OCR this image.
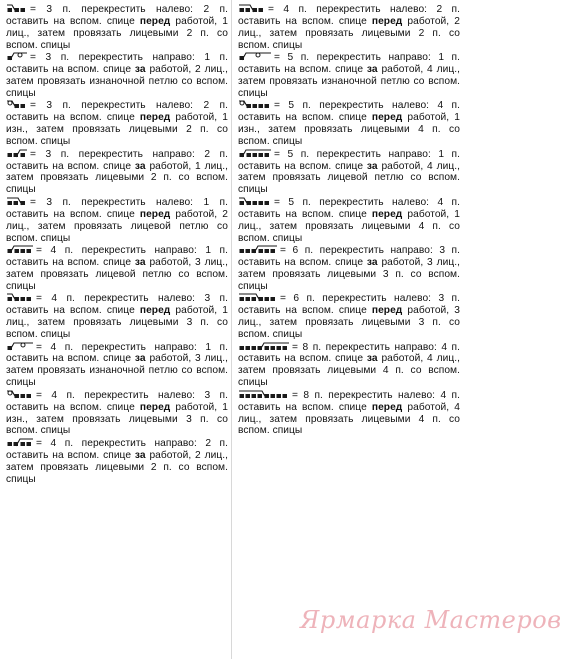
= 3 п. перекрестить налево: 2 п. оставить на вспом. спице перед работой, 1 лиц., затем провязать лицевыми 2 п. со вспом. спицы

= 3 п. перекрестить направо: 1 п. оставить на вспом. спице за работой, 2 лиц., затем провязать изнаночной петлю со вспом. спицы

= 3 п. перекрестить налево: 2 п. оставить на вспом. спице перед работой, 1 изн., затем провязать лицевыми 2 п. со вспом. спицы

= 3 п. перекрестить направо: 2 п. оставить на вспом. спице за работой, 1 лиц., затем провязать лицевыми 2 п. со вспом. спицы

= 3 п. перекрестить налево: 1 п. оставить на вспом. спице перед работой, 2 лиц., затем провязать лицевой петлю со вспом. спицы

= 4 п. перекрестить направо: 1 п. оставить на вспом. спице за работой, 3 лиц., затем провязать лицевой петлю со вспом. спицы

= 4 п. перекрестить налево: 3 п. оставить на вспом. спице перед работой, 1 лиц., затем провязать лицевыми 3 п. со вспом. спицы

= 4 п. перекрестить направо: 1 п. оставить на вспом. спице за работой, 3 лиц., затем провязать изнаночной петлю со вспом. спицы

= 4 п. перекрестить налево: 3 п. оставить на вспом. спице перед работой, 1 изн., затем провязать лицевыми 3 п. со вспом. спицы

= 4 п. перекрестить направо: 2 п. оставить на вспом. спице за работой, 2 лиц., затем провязать лицевыми 2 п. со вспом. спицы

= 4 п. перекрестить налево: 2 п. оставить на вспом. спице перед работой, 2 лиц., затем провязать лицевыми 2 п. со вспом. спицы

= 5 п. перекрестить направо: 1 п. оставить на вспом. спице за работой, 4 лиц., затем провязать изнаночной петлю со вспом. спицы

= 5 п. перекрестить налево: 4 п. оставить на вспом. спице перед работой, 1 изн., затем провязать лицевыми 4 п. со вспом. спицы

= 5 п. перекрестить направо: 1 п. оставить на вспом. спице за работой, 4 лиц., затем провязать лицевой петлю со вспом. спицы

= 5 п. перекрестить налево: 4 п. оставить на вспом. спице перед работой, 1 лиц., затем провязать лицевыми 4 п. со вспом. спицы

= 6 п. перекрестить направо: 3 п. оставить на вспом. спице за работой, 3 лиц., затем провязать лицевыми 3 п. со вспом. спицы

= 6 п. перекрестить налево: 3 п. оставить на вспом. спице перед работой, 3 лиц., затем провязать лицевыми 3 п. со вспом. спицы

= 8 п. перекрестить направо: 4 п. оставить на вспом. спице за работой, 4 лиц., затем провязать лицевыми 4 п. со вспом. спицы

= 8 п. перекрестить налево: 4 п. оставить на вспом. спице перед работой, 4 лиц., затем провязать лицевыми 4 п. со вспом. спицы

Ярмарка Мастеров
